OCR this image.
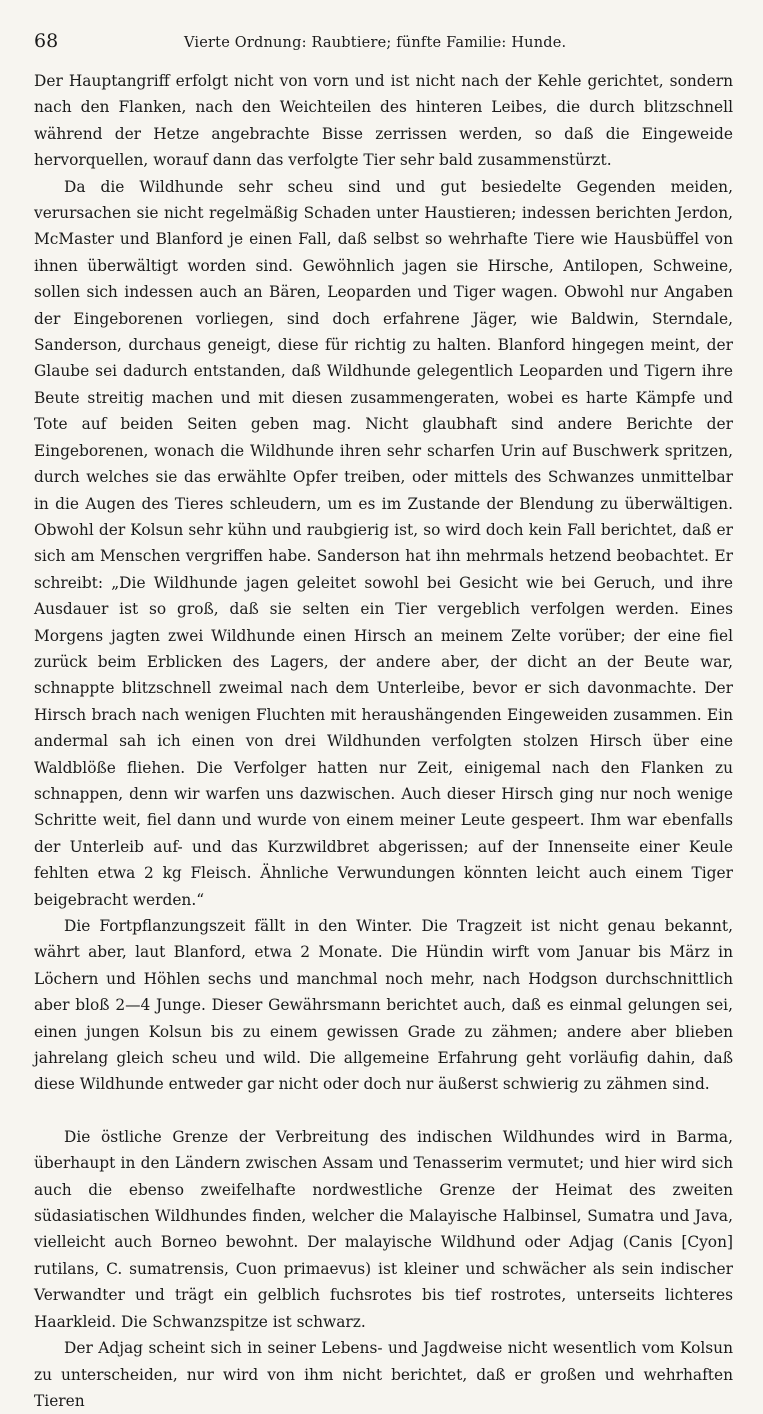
68	Vierte Ordnung: Raubtiere; fünfte Familie: Hunde.

Der Hauptangriff erfolgt nicht von vorn und ist nicht nach der Kehle gerichtet, sondern nach den Flanken, nach den Weichteilen des hinteren Leibes, die durch blitzschnell während der Hetze angebrachte Bisse zerrissen werden, so daß die Eingeweide hervorquellen, worauf dann das verfolgte Tier sehr bald zusammenstürzt.

Da die Wildhunde sehr scheu sind und gut besiedelte Gegenden meiden, verursachen sie nicht regelmäßig Schaden unter Haustieren; indessen berichten Jerdon, McMaster und Blanford je einen Fall, daß selbst so wehrhafte Tiere wie Hausbüffel von ihnen überwältigt worden sind. Gewöhnlich jagen sie Hirsche, Antilopen, Schweine, sollen sich indessen auch an Bären, Leoparden und Tiger wagen. Obwohl nur Angaben der Eingeborenen vorliegen, sind doch erfahrene Jäger, wie Baldwin, Sterndale, Sanderson, durchaus geneigt, diese für richtig zu halten. Blanford hingegen meint, der Glaube sei dadurch entstanden, daß Wildhunde gelegentlich Leoparden und Tigern ihre Beute streitig machen und mit diesen zusammengeraten, wobei es harte Kämpfe und Tote auf beiden Seiten geben mag. Nicht glaubhaft sind andere Berichte der Eingeborenen, wonach die Wildhunde ihren sehr scharfen Urin auf Buschwerk spritzen, durch welches sie das erwählte Opfer treiben, oder mittels des Schwanzes unmittelbar in die Augen des Tieres schleudern, um es im Zustande der Blendung zu überwältigen. Obwohl der Kolsun sehr kühn und raubgierig ist, so wird doch kein Fall berichtet, daß er sich am Menschen vergriffen habe. Sanderson hat ihn mehrmals hetzend beobachtet. Er schreibt: „Die Wildhunde jagen geleitet sowohl bei Gesicht wie bei Geruch, und ihre Ausdauer ist so groß, daß sie selten ein Tier vergeblich verfolgen werden. Eines Morgens jagten zwei Wildhunde einen Hirsch an meinem Zelte vorüber; der eine fiel zurück beim Erblicken des Lagers, der andere aber, der dicht an der Beute war, schnappte blitzschnell zweimal nach dem Unterleibe, bevor er sich davonmachte. Der Hirsch brach nach wenigen Fluchten mit heraushängenden Eingeweiden zusammen. Ein andermal sah ich einen von drei Wildhunden verfolgten stolzen Hirsch über eine Waldblöße fliehen. Die Verfolger hatten nur Zeit, einigemal nach den Flanken zu schnappen, denn wir warfen uns dazwischen. Auch dieser Hirsch ging nur noch wenige Schritte weit, fiel dann und wurde von einem meiner Leute gespeert. Ihm war ebenfalls der Unterleib auf- und das Kurzwildbret abgerissen; auf der Innenseite einer Keule fehlten etwa 2 kg Fleisch. Ähnliche Verwundungen könnten leicht auch einem Tiger beigebracht werden.“

Die Fortpflanzungszeit fällt in den Winter. Die Tragzeit ist nicht genau bekannt, währt aber, laut Blanford, etwa 2 Monate. Die Hündin wirft vom Januar bis März in Löchern und Höhlen sechs und manchmal noch mehr, nach Hodgson durchschnittlich aber bloß 2—4 Junge. Dieser Gewährsmann berichtet auch, daß es einmal gelungen sei, einen jungen Kolsun bis zu einem gewissen Grade zu zähmen; andere aber blieben jahrelang gleich scheu und wild. Die allgemeine Erfahrung geht vorläufig dahin, daß diese Wildhunde entweder gar nicht oder doch nur äußerst schwierig zu zähmen sind.

Die östliche Grenze der Verbreitung des indischen Wildhundes wird in Barma, überhaupt in den Ländern zwischen Assam und Tenasserim vermutet; und hier wird sich auch die ebenso zweifelhafte nordwestliche Grenze der Heimat des zweiten südasiatischen Wildhundes finden, welcher die Malayische Halbinsel, Sumatra und Java, vielleicht auch Borneo bewohnt. Der malayische Wildhund oder Adjag (Canis [Cyon] rutilans, C. sumatrensis, Cuon primaevus) ist kleiner und schwächer als sein indischer Verwandter und trägt ein gelblich fuchsrotes bis tief rostrotes, unterseits lichteres Haarkleid. Die Schwanzspitze ist schwarz.

Der Adjag scheint sich in seiner Lebens- und Jagdweise nicht wesentlich vom Kolsun zu unterscheiden, nur wird von ihm nicht berichtet, daß er großen und wehrhaften Tieren
